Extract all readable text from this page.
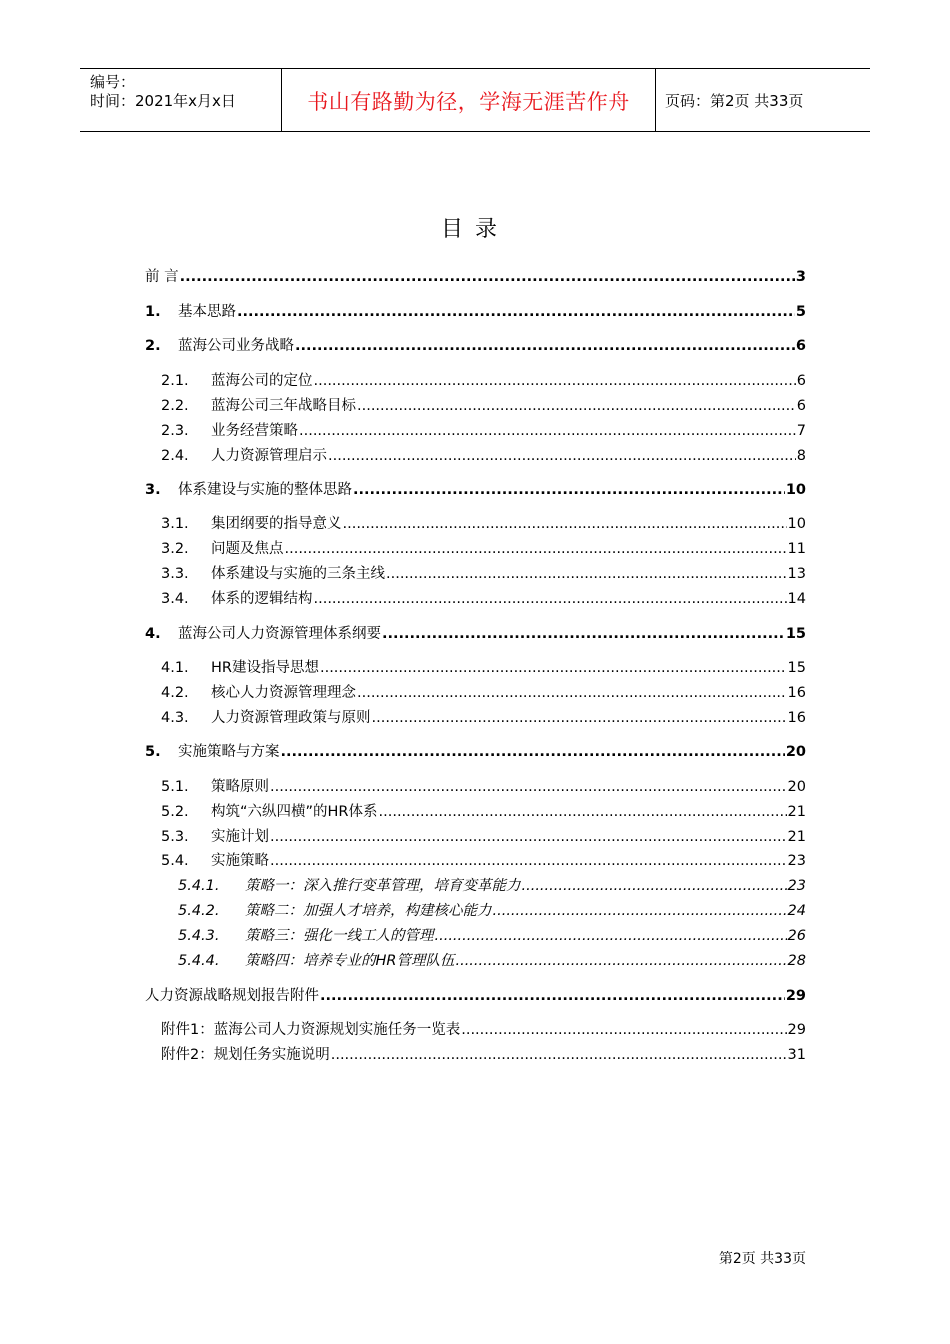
编号：
时间：2021年x月x日	书山有路勤为径，学海无涯苦作舟	页码：第2页 共33页
目录
前 言 .....	3
1.	基本思路 .....	5
2.	蓝海公司业务战略 .....	6
2.1.	蓝海公司的定位 .....	6
2.2.	蓝海公司三年战略目标 .....	6
2.3.	业务经营策略 .....	7
2.4.	人力资源管理启示 .....	8
3.	体系建设与实施的整体思路 .....	10
3.1.	集团纲要的指导意义 .....	10
3.2.	问题及焦点 .....	11
3.3.	体系建设与实施的三条主线 .....	13
3.4.	体系的逻辑结构 .....	14
4.	蓝海公司人力资源管理体系纲要 .....	15
4.1.	HR建设指导思想 .....	15
4.2.	核心人力资源管理理念 .....	16
4.3.	人力资源管理政策与原则 .....	16
5.	实施策略与方案 .....	20
5.1.	策略原则 .....	20
5.2.	构筑“六纵四横”的HR体系 .....	21
5.3.	实施计划 .....	21
5.4.	实施策略 .....	23
5.4.1.	策略一：深入推行变革管理，培育变革能力 .....	23
5.4.2.	策略二：加强人才培养，构建核心能力 .....	24
5.4.3.	策略三：强化一线工人的管理 .....	26
5.4.4.	策略四：培养专业的HR管理队伍 .....	28
人力资源战略规划报告附件 .....	29
附件1：蓝海公司人力资源规划实施任务一览表 .....	29
附件2：规划任务实施说明 .....	31
第2页 共33页
